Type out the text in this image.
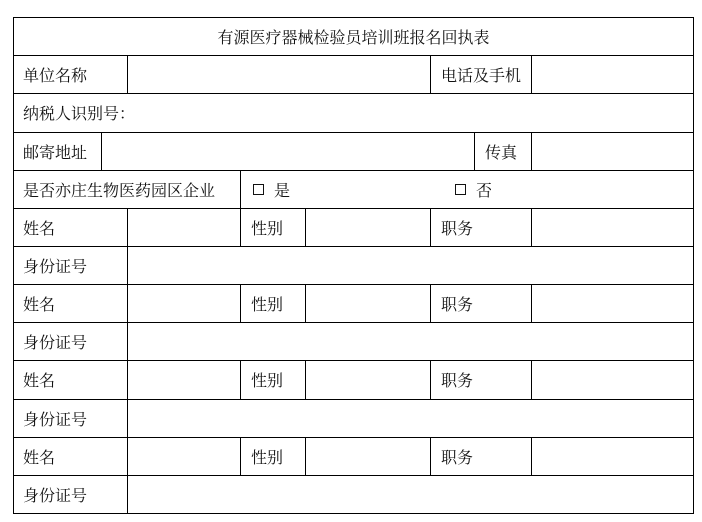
有源医疗器械检验员培训班报名回执表
单位名称	电话及手机
纳税人识别号：
邮寄地址	传真
是否亦庄生物医药园区企业	是	否
姓名	性别	职务
身份证号
姓名	性别	职务
身份证号
姓名	性别	职务
身份证号
姓名	性别	职务
身份证号
